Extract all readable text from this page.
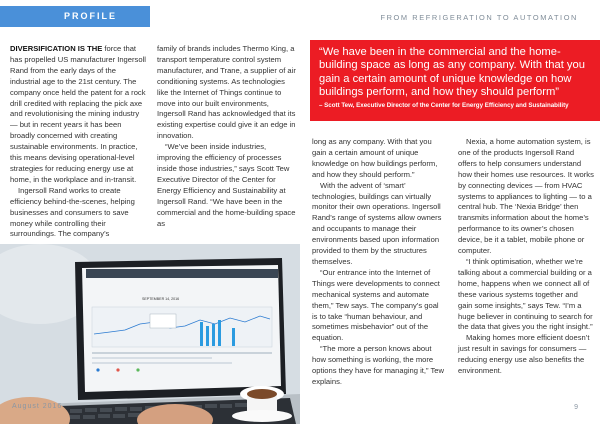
PROFILE

DIVERSIFICATION IS THE force that has propelled US manufacturer Ingersoll Rand from the early days of the industrial age to the 21st century. The company once held the patent for a rock drill credited with replacing the pick axe and revolutionising the mining industry — but in recent years it has been broadly concerned with creating sustainable environments. In practice, this means devising operational-level strategies for reducing energy use at home, in the workplace and in-transit.

Ingersoll Rand works to create efficiency behind-the-scenes, helping businesses and consumers to save money while controlling their surroundings. The company’s

family of brands includes Thermo King, a transport temperature control system manufacturer, and Trane, a supplier of air conditioning systems. As technologies like the Internet of Things continue to move into our built environments, Ingersoll Rand has acknowledged that its existing expertise could give it an edge in innovation.

“We’ve been inside industries, improving the efficiency of processes inside those industries,” says Scott Tew Executive Director of the Center for Energy Efficiency and Sustainability at Ingersoll Rand. “We have been in the commercial and the home-building space as

SEPTEMBER 14, 2016
August 2016
FROM REFRIGERATION TO AUTOMATION
“We have been in the commercial and the home-building space as long as any company. With that you gain a certain amount of unique knowledge on how buildings perform, and how they should perform”
– Scott Tew, Executive Director of the Center for Energy Efficiency and Sustainability

long as any company. With that you gain a certain amount of unique knowledge on how buildings perform, and how they should perform.”

With the advent of ‘smart’ technologies, buildings can virtually monitor their own operations. Ingersoll Rand’s range of systems allow owners and occupants to manage their environments based upon information provided to them by the structures themselves.

“Our entrance into the Internet of Things were developments to connect mechanical systems and automate them,” Tew says. The company’s goal is to take “human behaviour, and sometimes misbehavior” out of the equation.

“The more a person knows about how something is working, the more options they have for managing it,” Tew explains.

Nexia, a home automation system, is one of the products Ingersoll Rand offers to help consumers understand how their homes use resources. It works by connecting devices — from HVAC systems to appliances to lighting — to a central hub. The ‘Nexia Bridge’ then transmits information about the home’s performance to its owner’s chosen device, be it a tablet, mobile phone or computer.

“I think optimisation, whether we’re talking about a commercial building or a home, happens when we connect all of these various systems together and gain some insights,” says Tew. “I’m a huge believer in continuing to search for the data that gives you the right insight.”

Making homes more efficient doesn’t just result in savings for consumers — reducing energy use also benefits the environment.

9
